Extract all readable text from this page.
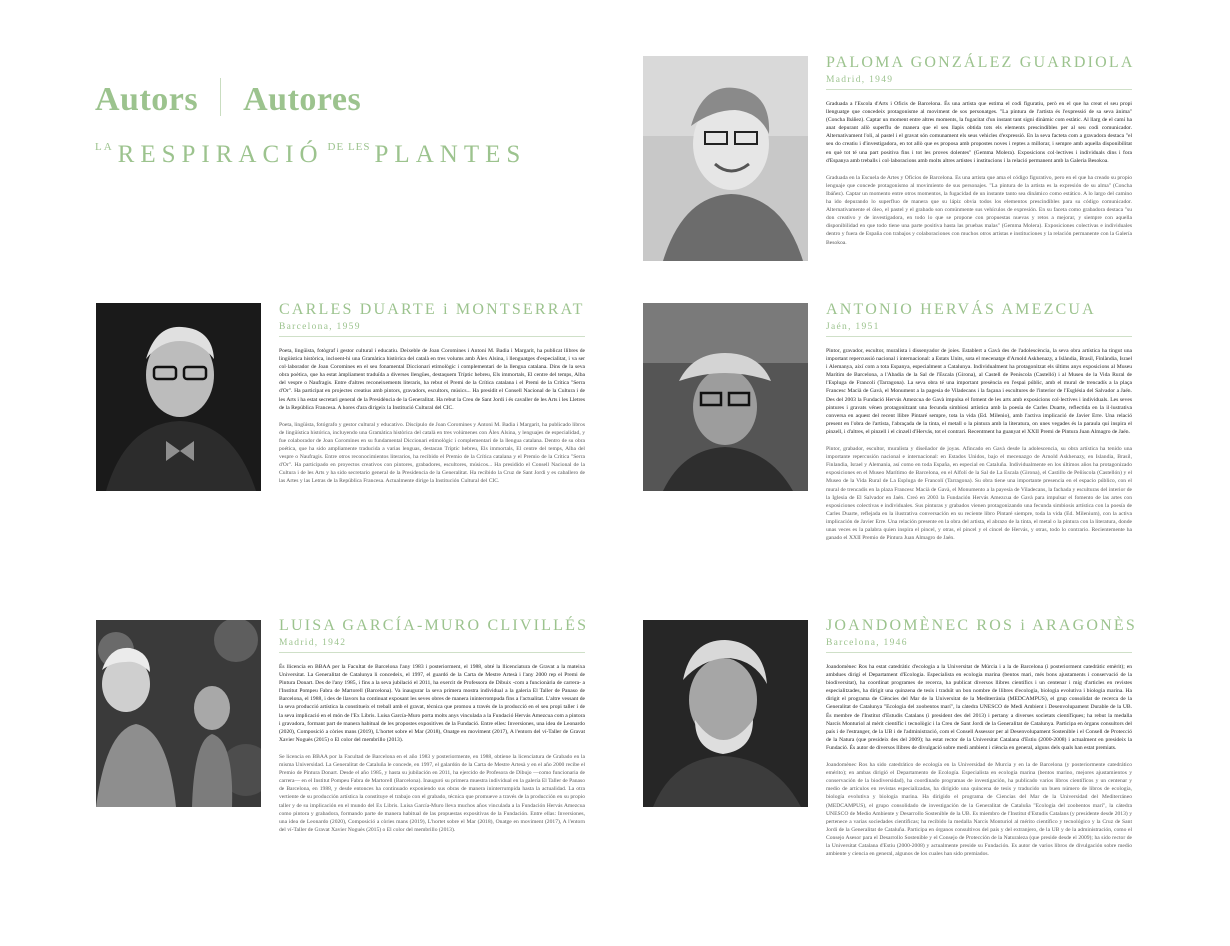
Autors Autores
$^{LA}$ RESPIRACIÓ $^{DE LES}$ PLANTES
PALOMA GONZÁLEZ GUARDIOLA
Madrid, 1949
Graduada a l'Escola d'Arts i Oficis de Barcelona. És una artista que estima el codi figuratiu, però en el que ha creat el seu propi llenguatge que concedeix protagonisme al moviment de sos personatges. "La pintura de l'artista és l'expressió de sa seva ànima" (Concha Ibáñez). Captar un moment entre altres moments, la fugacitat d'un instant tant signi dinàmic com estàtic. Al llarg de el camí ha anat depurant allò superflu de manera que el seu llapis obtida tots els elements prescindibles per al seu codi comunicador. Alternativament l'oli, al pastel i el gravat són comunament els seus vehicles d'expressió. En la seva facteta com a gravadora destaca "el seu do creatiu i d'investigadora, en tot allò que es proposa amb propostes noves i reptes a millorar, i sempre amb aquella disponibilitat en què tot té una part positiva fins i tot les proves dolentes" (Gemma Molera). Exposicions col·lectives i individuals dins i fora d'Espanya amb treballs i col·laboracions amb molts altres artistes i institucions i la relació permanent amb la Galeria Besokoa.
Graduada en la Escuela de Artes y Oficios de Barcelona. Es una artista que ama el código figurativo, pero en el que ha creado su propio lenguaje que concede protagonismo al movimiento de sus personajes. "La pintura de la artista es la expresión de su alma" (Concha Ibáñez). Captar un momento entre otros momentos, la fugacidad de un instante tanto sea dinámico como estático. A lo largo del camino ha ido depurando lo superfluo de manera que su lápiz obvia todos los elementos prescindibles para su código comunicador. Alternativamente el óleo, el pastel y el grabado son comúnmente sus vehículos de expresión. En su faceta como grabadora destaca "su don creativo y de investigadora, en todo lo que se propone con propuestas nuevas y retos a mejorar, y siempre con aquella disponibilidad en que todo tiene una parte positiva hasta las pruebas malas" (Gemma Molera). Exposiciones colectivas e individuales dentro y fuera de España con trabajos y colaboraciones con muchos otros artistas e instituciones y la relación permanente con la Galería Besokoa.
CARLES DUARTE i MONTSERRAT
Barcelona, 1959
Poeta, lingüista, fotògraf i gestor cultural i educatiu. Deixeble de Joan Coromines i Antoni M. Badia i Margarit, ha publicat llibres de lingüística històrica, incloent-hi una Gramàtica històrica del català en tres volums amb Àlex Alsina, i llenguatges d'especialitat, i va ser col·laborador de Joan Coromines en el seu fonamental Diccionari etimològic i complementari de la llengua catalana. Dins de la seva obra poètica, que ha estat àmpliament traduïda a diverses llengües, destaquem Tríptic hebreu, Els immortals, El centre del temps, Alba del vespre o Naufragis. Entre d'altres reconeixements literaris, ha rebut el Premi de la Crítica catalana i el Premi de la Crítica "Serra d'Or". Ha participat en projectes creatius amb pintors, gravadors, escultors, músics... Ha presidit el Consell Nacional de la Cultura i de les Arts i ha estat secretari general de la Presidència de la Generalitat. Ha rebut la Creu de Sant Jordi i és cavaller de les Arts i les Lletres de la República Francesa. A hores d'ara dirigeix la Institució Cultural del CIC.
Poeta, lingüista, fotógrafo y gestor cultural y educativo. Discípulo de Joan Coromines y Antoni M. Badia i Margarit, ha publicado libros de lingüística histórica, incluyendo una Gramàtica històrica del català en tres volúmenes con Àlex Alsina, y lenguajes de especialidad, y fue colaborador de Joan Coromines en su fundamental Diccionari etimològic i complementari de la llengua catalana. Dentro de su obra poética, que ha sido ampliamente traducida a varias lenguas, destacan Tríptic hebreu, Els immortals, El centre del temps, Alba del vespre o Naufragis. Entre otros reconocimientos literarios, ha recibido el Premio de la Crítica catalana y el Premio de la Crítica "Serra d'Or". Ha participado en proyectos creativos con pintores, grabadores, escultores, músicos... Ha presidido el Consell Nacional de la Cultura i de les Arts y ha sido secretario general de la Presidencia de la Generalitat. Ha recibido la Cruz de Sant Jordi y es caballero de las Artes y las Letras de la República Francesa. Actualmente dirige la Institución Cultural del CIC.
ANTONIO HERVÁS AMEZCUA
Jaén, 1951
Pintor, gravador, escultor, muralista i dissenyador de joies. Establert a Gavà des de l'adolescència, la seva obra artística ha tingut una important repercussió nacional i internacional: a Estats Units, sota el mecenatge d'Arnold Askhenazy, a Islàndia, Brasil, Finlàndia, Israel i Alemanya, així com a tota Espanya, especialment a Catalunya. Individualment ha protagonitzat els últims anys exposicions al Museu Marítim de Barcelona, a l'Abadia de la Sal de l'Escala (Girona), al Castell de Peníscola (Castelló) i al Museu de la Vida Rural de l'Espluga de Francolí (Tarragona). La seva obra té una important presència en l'espai públic, amb el mural de trencadís a la plaça Francesc Macià de Gavà, el Monument a la pagesia de Viladecans i la façana i escultures de l'interior de l'Església del Salvador a Jaén. Des del 2003 la Fundació Hervás Amezcua de Gavà impulsa el foment de les arts amb exposicions col·lectives i individuals. Les seves pintures i gravats vénen protagonitzant una fecunda simbiosi artística amb la poesia de Carles Duarte, reflectida en la il·lustrativa conversa en aquest del recent llibre Pintaré sempre, tota la vida (Ed. Milenio), amb l'activa implicació de Javier Erre. Una relació present en l'obra de l'artista, l'abraçada de la tinta, el metall o la pintura amb la literatura, on unes vegades és la paraula qui inspira el pinzell, i d'altres, el pinzell i el cinzell d'Hervás, tot el contrari. Recentment ha guanyat el XXII Premi de Pintura Juan Almagro de Jaén.
Pintor, grabador, escultor, muralista y diseñador de joyas. Afincado en Gavà desde la adolescencia, su obra artística ha tenido una importante repercusión nacional e internacional: en Estados Unidos, bajo el mecenazgo de Arnold Askhenazy, en Islandia, Brasil, Finlandia, Israel y Alemania, así como en toda España, en especial en Cataluña. Individualmente en los últimos años ha protagonizado exposiciones en el Museo Marítimo de Barcelona, en el Alfolí de la Sal de La Escala (Girona), el Castillo de Peñíscola (Castellón) y el Museo de la Vida Rural de La Espluga de Francolí (Tarragona). Su obra tiene una importante presencia en el espacio público, con el mural de trencadís en la plaza Francesc Macià de Gavà, el Monumento a la payesía de Viladecans, la fachada y esculturas del interior de la Iglesia de El Salvador en Jaén. Creó en 2003 la Fundación Hervás Amezcua de Gavà para impulsar el fomento de las artes con exposiciones colectivas e individuales. Sus pinturas y grabados vienen protagonizando una fecunda simbiosis artística con la poesía de Carles Duarte, reflejada en la ilustrativa conversación en su reciente libro Pintaré siempre, toda la vida (Ed. Milenium), con la activa implicación de Javier Erre. Una relación presente en la obra del artista, el abrazo de la tinta, el metal o la pintura con la literatura, donde unas veces es la palabra quien inspira el pincel, y otras, el pincel y el cincel de Hervás, y otras, todo lo contrario. Recientemente ha ganado el XXII Premio de Pintura Juan Almagro de Jaén.
LUISA GARCÍA-MURO CLIVILLÉS
Madrid, 1942
És llicencia en BBAA per la Facultat de Barcelona l'any 1983 i posteriorment, el 1988, obté la llicenciatura de Gravat a la mateixa Universitat. La Generalitat de Catalunya li concedeix, el 1997, el guardó de la Carta de Mestre Artesà i l'any 2000 rep el Premi de Pintura Donart. Des de l'any 1985, i fins a la seva jubilació el 2011, ha exercit de Professora de Dibuix -com a funcionària de carrera- a l'Institut Pompeu Fabra de Martorell (Barcelona). Va inaugurar la seva primera mostra individual a la galeria El Taller de Panaso de Barcelona, el 1988, i des de llavors ha continuat exposant les seves obres de manera ininterrompuda fins a l'actualitat. L'altre vessant de la seva producció artística la constitueix el treball amb el gravat, tècnica que promou a través de la producció en el seu propi taller i de la seva implicació en el món de l'Ex Libris. Luisa García-Muro porta molts anys vinculada a la Fundació Hervás Amezcua com a pintora i gravadora, formant part de manera habitual de les propostes expositives de la Fundació. Entre elles: Inversiones, una idea de Leonardo (2020), Composició a còries mans (2019), L'hortet sobre el Mar (2018), Onatge en moviment (2017), A l'entorn del ví-Taller de Gravat Xavier Noguès (2015) o El color del membrillo (2013).
Se licencia en BBAA por la Facultad de Barcelona en el año 1983 y posteriormente, en 1988, obtiene la licenciatura de Grabado en la misma Universidad. La Generalitat de Cataluña le concede, en 1997, el galardón de la Carta de Mestre Artesà y en el año 2000 recibe el Premio de Pintura Donart. Desde el año 1985, y hasta su jubilación en 2011, ha ejercido de Profesora de Dibujo —como funcionaria de carrera— en el Institut Pompeu Fabra de Martorell (Barcelona). Inauguró su primera muestra individual en la galería El Taller de Panaso de Barcelona, en 1988, y desde entonces ha continuado exponiendo sus obras de manera ininterrumpida hasta la actualidad. La otra vertiente de su producción artística la constituye el trabajo con el grabado, técnica que promueve a través de la producción en su propio taller y de su implicación en el mundo del Ex Libris. Luisa García-Muro lleva muchos años vinculada a la Fundación Hervás Amezcua como pintora y grabadora, formando parte de manera habitual de las propuestas expositivas de la Fundación. Entre ellas: Inversiones, una idea de Leonardo (2020), Composició a còries mans (2019), L'hortet sobre el Mar (2018), Onatge en moviment (2017), A l'entorn del ví-Taller de Gravat Xavier Noguès (2015) o El color del membrillo (2013).
JOANDOMÈNEC ROS i ARAGONÈS
Barcelona, 1946
Joandomènec Ros ha estat catedràtic d'ecologia a la Universitat de Múrcia i a la de Barcelona (i posteriorment catedràtic emèrit); en ambdues dirigí el Departament d'Ecologia. Especialista en ecologia marina (bentos mari, més bons ajustaments i conservació de la biodiversitat), ha coordinat programes de recerca, ha publicat diversos llibres científics i un centenar i mig d'articles en revistes especialitzades, ha dirigit una quinzena de tesis i traduït un bon nombre de llibres d'ecologia, biologia evolutiva i biologia marina. Ha dirigit el programa de Ciències del Mar de la Universitat de la Mediterrània (MEDCAMPUS), el grup consolidat de recerca de la Generalitat de Catalunya "Ecologia del zoobentos marí", la càtedra UNESCO de Medi Ambient i Desenvolupament Durable de la UB. És membre de l'Institut d'Estudis Catalans (i president des del 2013) i pertany a diverses societats científiques; ha rebut la medalla Narcís Monturiol al mèrit científic i tecnològic i la Creu de Sant Jordi de la Generalitat de Catalunya. Participa en òrgans consultors del país i de l'estranger, de la UB i de l'administració, com el Consell Assessor per al Desenvolupament Sostenible i el Consell de Protecció de la Natura (que presideix des del 2009); ha estat rector de la Universitat Catalana d'Estiu (2000-2008) i actualment en presideix la Fundació. És autor de diversos llibres de divulgació sobre medi ambient i ciència en general, alguns dels quals han estat premiats.
Joandomènec Ros ha sido catedrático de ecología en la Universidad de Murcia y en la de Barcelona (y posteriormente catedrático emérito); en ambas dirigió el Departamento de Ecología. Especialista en ecología marina (bentos marino, mejores ajustamientos y conservación de la biodiversidad), ha coordinado programas de investigación, ha publicado varios libros científicos y un centenar y medio de artículos en revistas especializadas, ha dirigido una quincena de tesis y traducido un buen número de libros de ecología, biología evolutiva y biología marina. Ha dirigido el programa de Ciencias del Mar de la Universidad del Mediterráneo (MEDCAMPUS), el grupo consolidado de investigación de la Generalitat de Cataluña "Ecologia del zoobentos marí", la cátedra UNESCO de Medio Ambiente y Desarrollo Sostenible de la UB. Es miembro de l'Institut d'Estudis Catalans (y presidente desde 2013) y pertenece a varias sociedades científicas; ha recibido la medalla Narcís Monturiol al mérito científico y tecnológico y la Cruz de Sant Jordi de la Generalitat de Cataluña. Participa en órganos consultivos del país y del extranjero, de la UB y de la administración, como el Consejo Asesor para el Desarrollo Sostenible y el Consejo de Protección de la Naturaleza (que preside desde el 2009); ha sido rector de la Universitat Catalana d'Estiu (2000-2008) y actualmente preside su Fundación. Es autor de varios libros de divulgación sobre medio ambiente y ciencia en general, algunos de los cuales han sido premiados.
